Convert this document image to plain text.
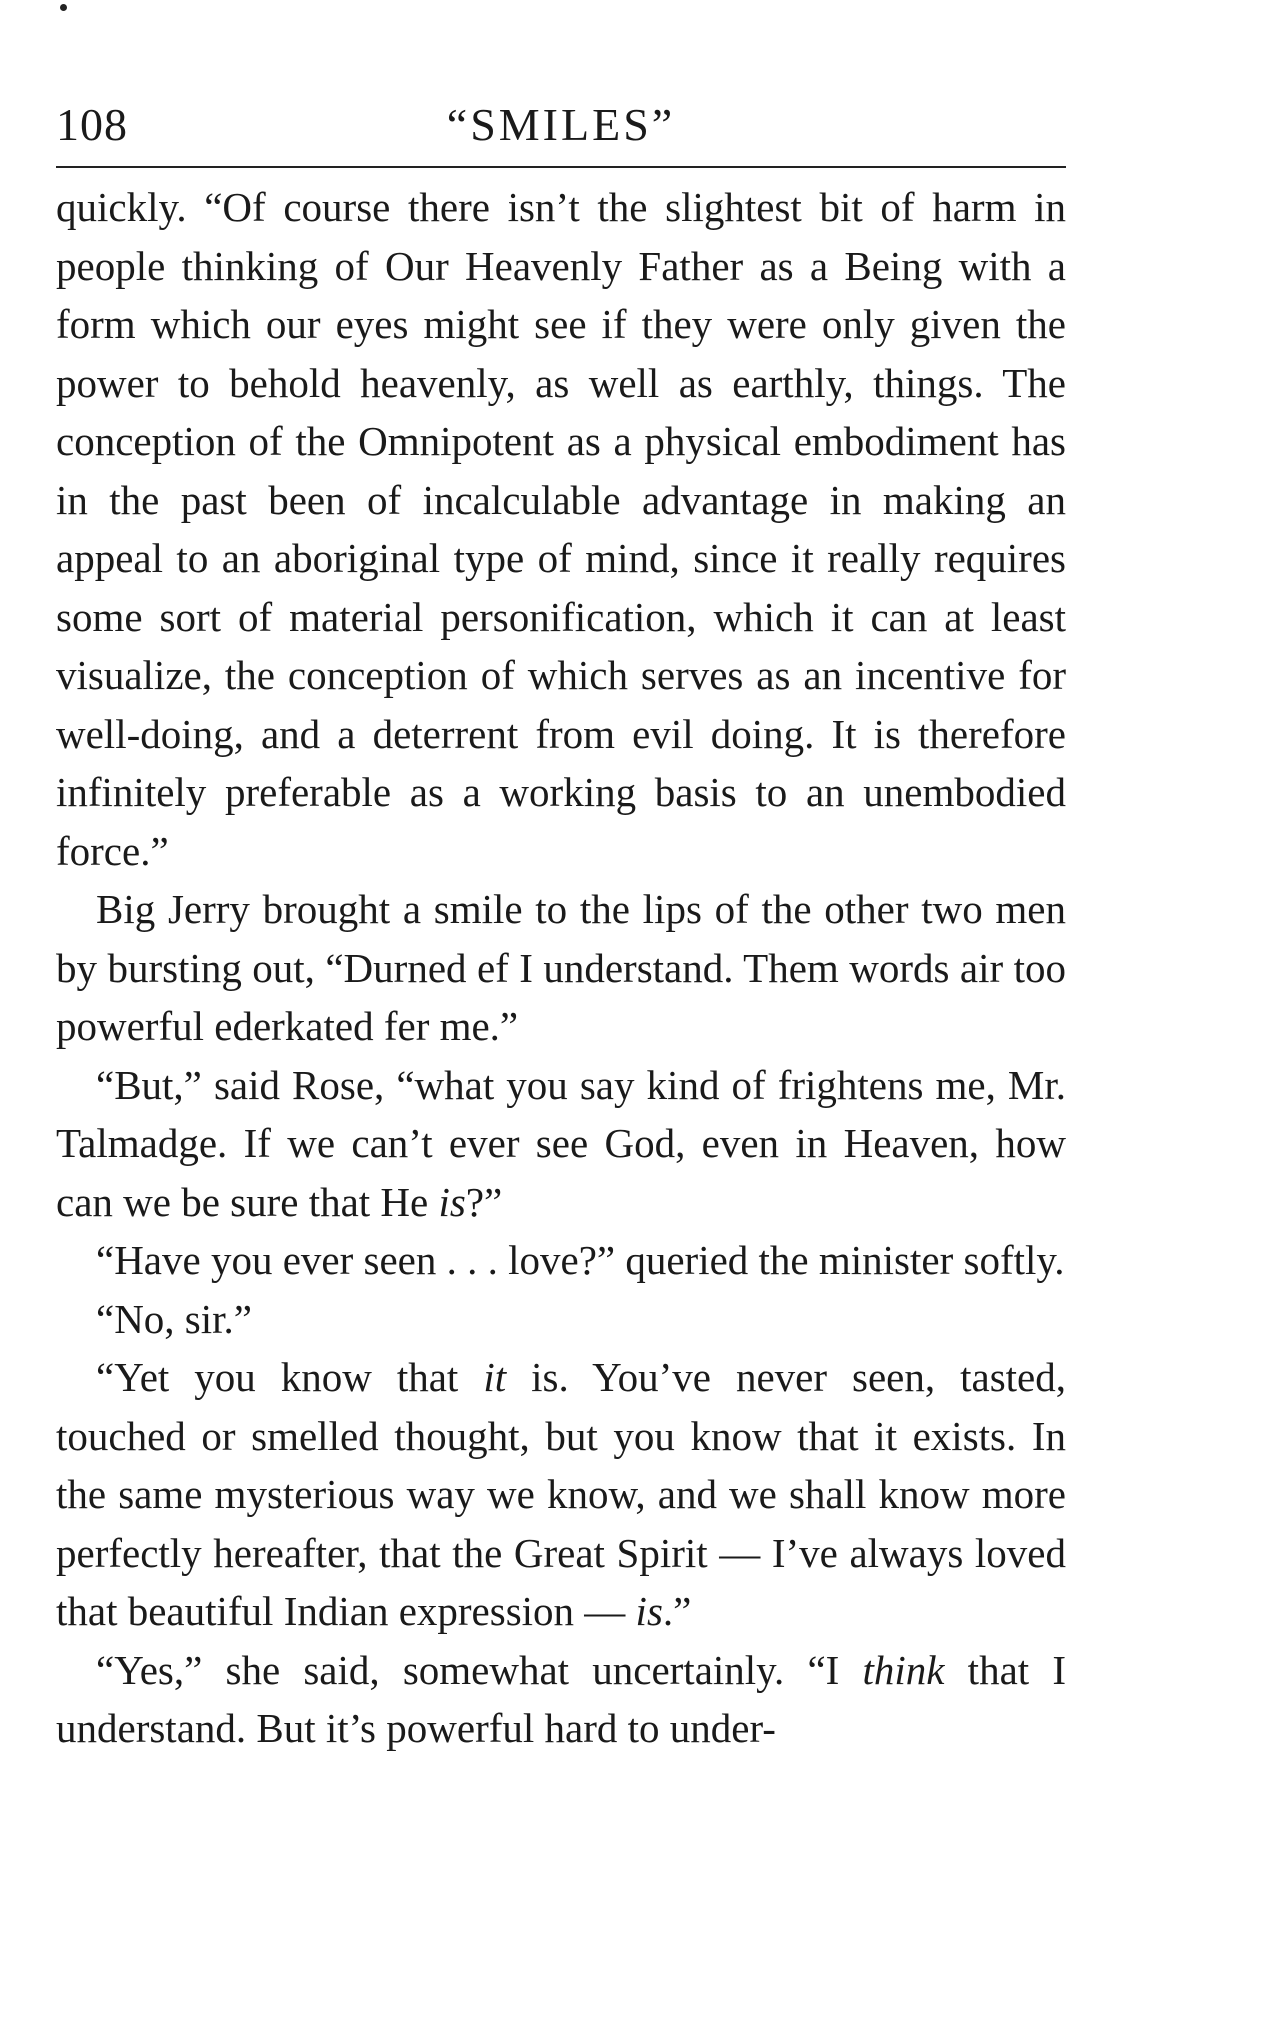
108	“SMILES”

quickly. “Of course there isn’t the slightest bit of harm in people thinking of Our Heavenly Father as a Being with a form which our eyes might see if they were only given the power to behold heavenly, as well as earthly, things. The conception of the Omnipotent as a physical embodiment has in the past been of incalculable advantage in making an appeal to an aboriginal type of mind, since it really requires some sort of material personification, which it can at least visualize, the conception of which serves as an incentive for well-doing, and a deterrent from evil doing. It is therefore infinitely preferable as a working basis to an unembodied force.”

Big Jerry brought a smile to the lips of the other two men by bursting out, “Durned ef I understand. Them words air too powerful ederkated fer me.”

“But,” said Rose, “what you say kind of frightens me, Mr. Talmadge. If we can’t ever see God, even in Heaven, how can we be sure that He is?”

“Have you ever seen . . . love?” queried the minister softly.

“No, sir.”

“Yet you know that it is. You’ve never seen, tasted, touched or smelled thought, but you know that it exists. In the same mysterious way we know, and we shall know more perfectly hereafter, that the Great Spirit — I’ve always loved that beautiful Indian expression — is.”

“Yes,” she said, somewhat uncertainly. “I think that I understand. But it’s powerful hard to under-
